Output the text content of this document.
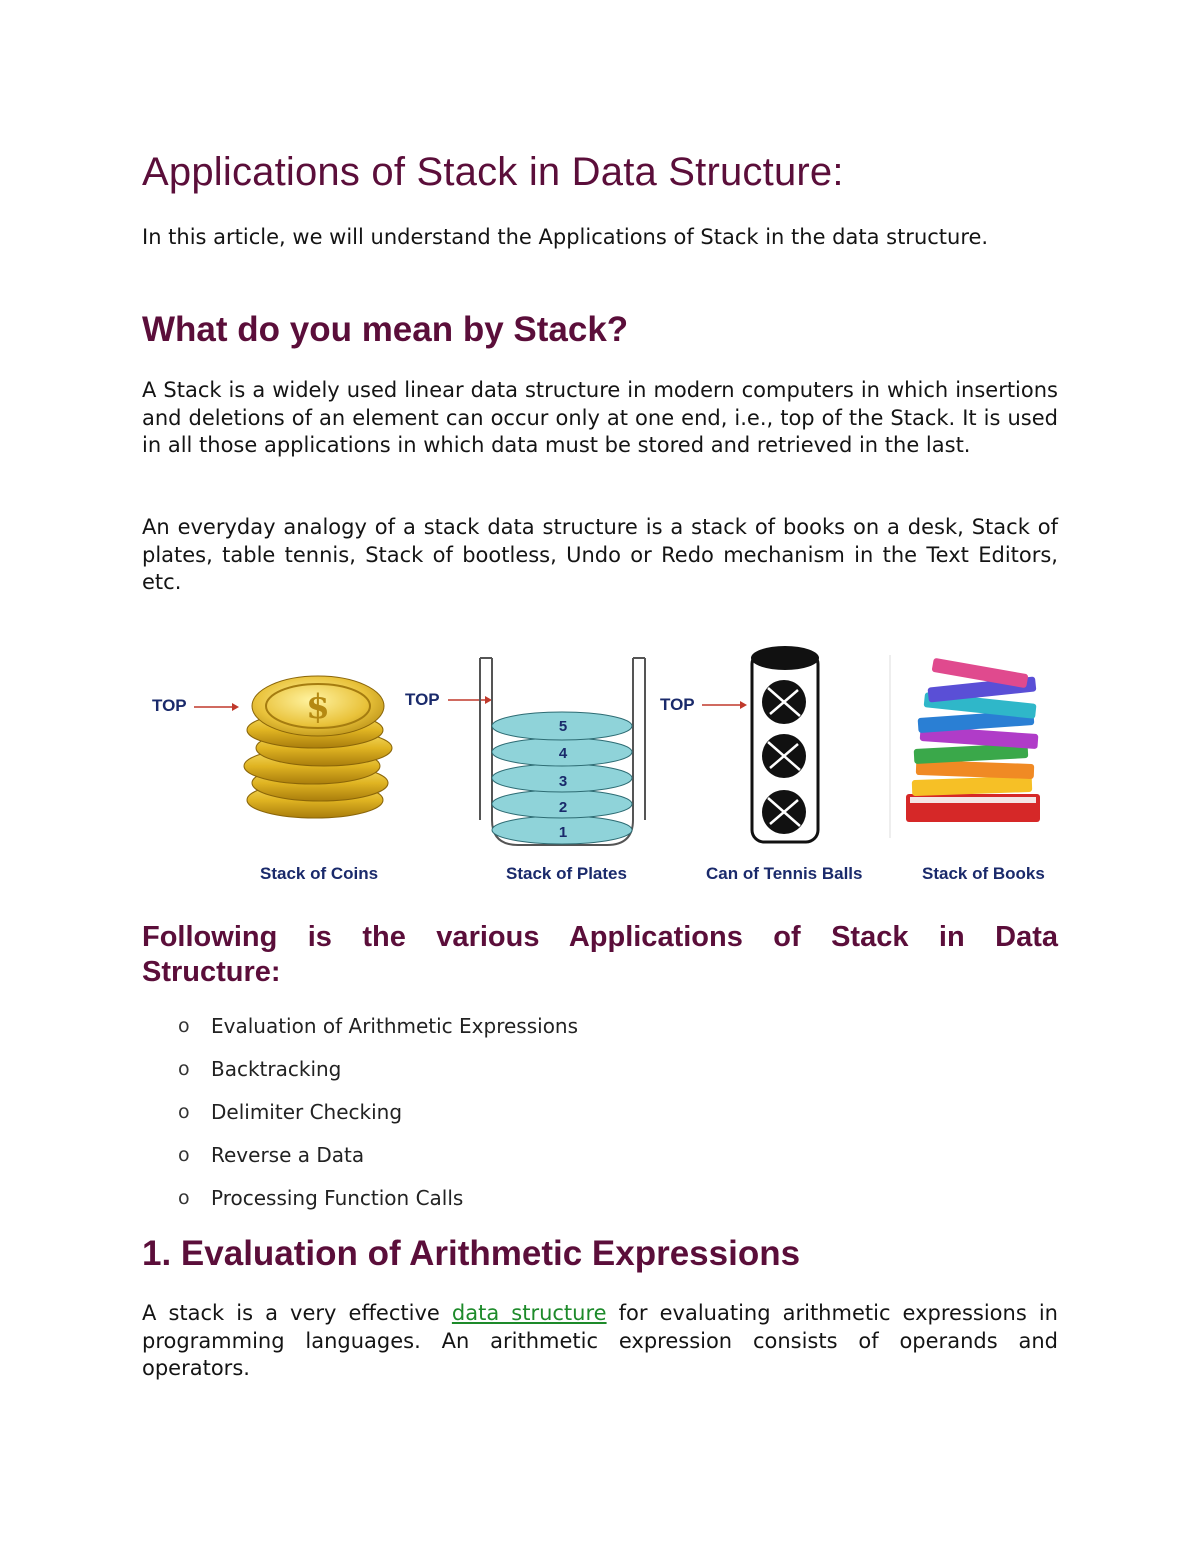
Applications of Stack in Data Structure:

In this article, we will understand the Applications of Stack in the data structure.

What do you mean by Stack?

A Stack is a widely used linear data structure in modern computers in which insertions and deletions of an element can occur only at one end, i.e., top of the Stack. It is used in all those applications in which data must be stored and retrieved in the last.

An everyday analogy of a stack data structure is a stack of books on a desk, Stack of plates, table tennis, Stack of bootless, Undo or Redo mechanism in the Text Editors, etc.

$	5
4
3
2
1
TOP	TOP	TOP
Stack of Coins	Stack of Plates	Can of Tennis Balls	Stack of Books
Following is the various Applications of Stack in Data
Structure:
o	Evaluation of Arithmetic Expressions
o	Backtracking
o	Delimiter Checking
o	Reverse a Data
o	Processing Function Calls
1. Evaluation of Arithmetic Expressions

A stack is a very effective data structure for evaluating arithmetic expressions in programming languages. An arithmetic expression consists of operands and operators.
